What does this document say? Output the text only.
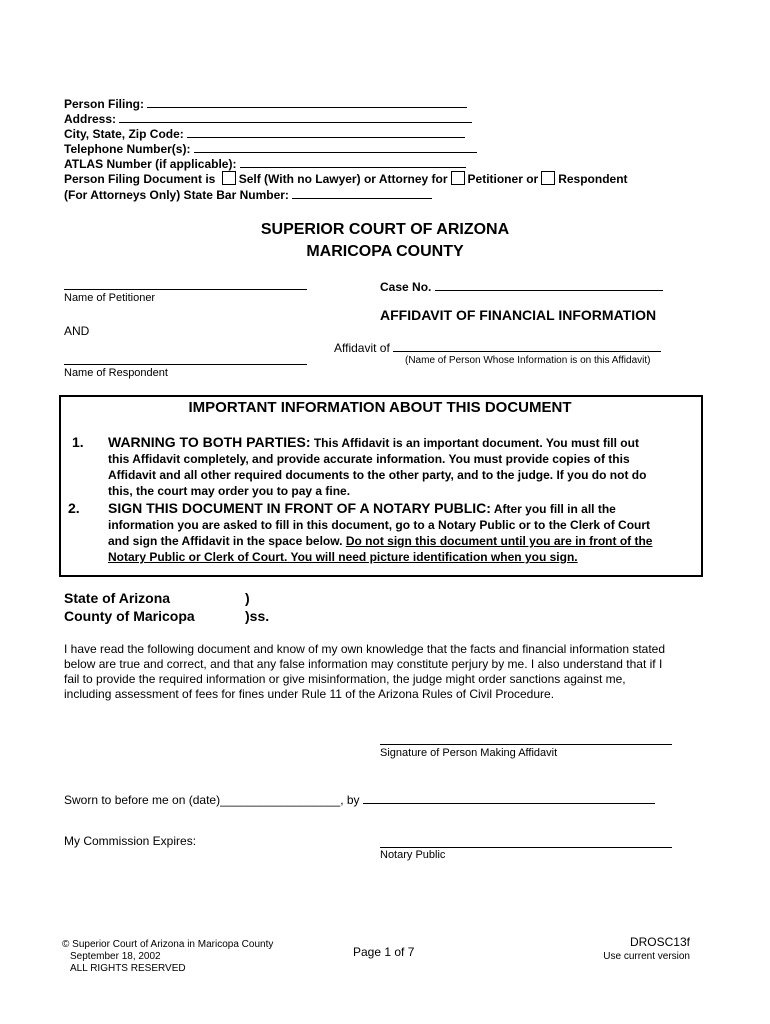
Person Filing:
Address:
City, State, Zip Code:
Telephone Number(s):
ATLAS Number (if applicable):
Person Filing Document is Self (With no Lawyer) or Attorney for Petitioner or Respondent
(For Attorneys Only) State Bar Number:
SUPERIOR COURT OF ARIZONA
MARICOPA COUNTY
Name of Petitioner
Case No.
AFFIDAVIT OF FINANCIAL INFORMATION
AND
Affidavit of
(Name of Person Whose Information is on this Affidavit)
Name of Respondent
IMPORTANT INFORMATION ABOUT THIS DOCUMENT
1. WARNING TO BOTH PARTIES: This Affidavit is an important document. You must fill out
this Affidavit completely, and provide accurate information. You must provide copies of this
Affidavit and all other required documents to the other party, and to the judge. If you do not do
this, the court may order you to pay a fine.
2. SIGN THIS DOCUMENT IN FRONT OF A NOTARY PUBLIC: After you fill in all the
information you are asked to fill in this document, go to a Notary Public or to the Clerk of Court
and sign the Affidavit in the space below. Do not sign this document until you are in front of the
Notary Public or Clerk of Court. You will need picture identification when you sign.
State of Arizona	)
County of Maricopa	)ss.
I have read the following document and know of my own knowledge that the facts and financial information stated
below are true and correct, and that any false information may constitute perjury by me. I also understand that if I
fail to provide the required information or give misinformation, the judge might order sanctions against me,
including assessment of fees for fines under Rule 11 of the Arizona Rules of Civil Procedure.
Signature of Person Making Affidavit
Sworn to before me on (date)__________________, by
My Commission Expires:
Notary Public
© Superior Court of Arizona in Maricopa County
September 18, 2002
ALL RIGHTS RESERVED
Page 1 of 7
DROSC13f
Use current version
